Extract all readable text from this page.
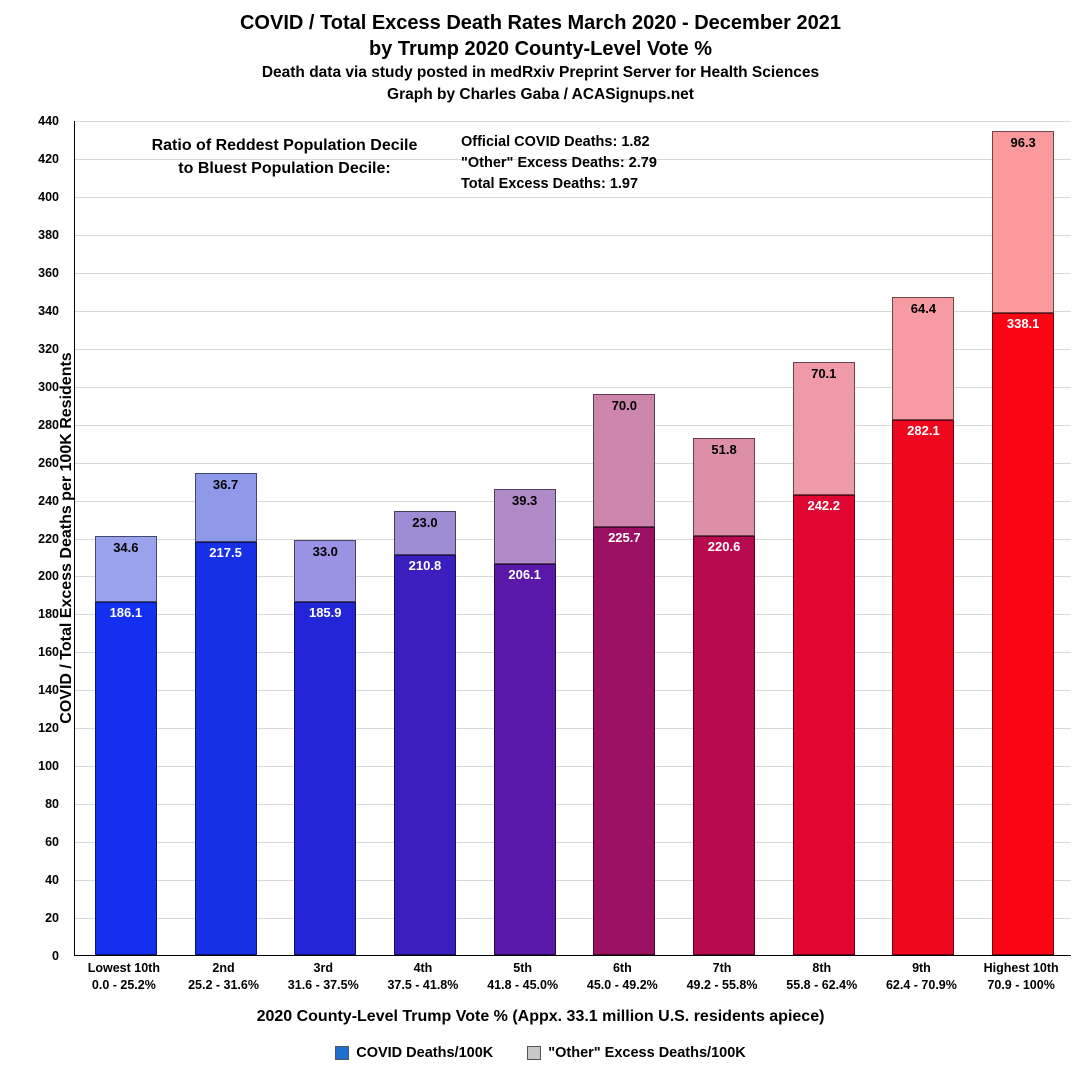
COVID / Total Excess Death Rates March 2020 - December 2021
by Trump 2020 County-Level Vote %
Death data via study posted in medRxiv Preprint Server for Health Sciences
Graph by Charles Gaba / ACASignups.net
COVID / Total Excess Deaths per 100K Residents
0
20
40
60
80
100
120
140
160
180
200
220
240
260
280
300
320
340
360
380
400
420
440
186.1
34.6	217.5
36.7
185.9
33.0
210.8
23.0
206.1
39.3
225.7
70.0
220.6
51.8
242.2
70.1
282.1
64.4
338.1
96.3
Ratio of Reddest Population Decile
to Bluest Population Decile:
Official COVID Deaths: 1.82
"Other" Excess Deaths: 2.79
Total Excess Deaths: 1.97
Lowest 10th
0.0 - 25.2%
2nd
25.2 - 31.6%
3rd
31.6 - 37.5%
4th
37.5 - 41.8%
5th
41.8 - 45.0%
6th
45.0 - 49.2%
7th
49.2 - 55.8%
8th
55.8 - 62.4%
9th
62.4 - 70.9%
Highest 10th
70.9 - 100%
2020 County-Level Trump Vote % (Appx. 33.1 million U.S. residents apiece)
COVID Deaths/100K	"Other" Excess Deaths/100K
